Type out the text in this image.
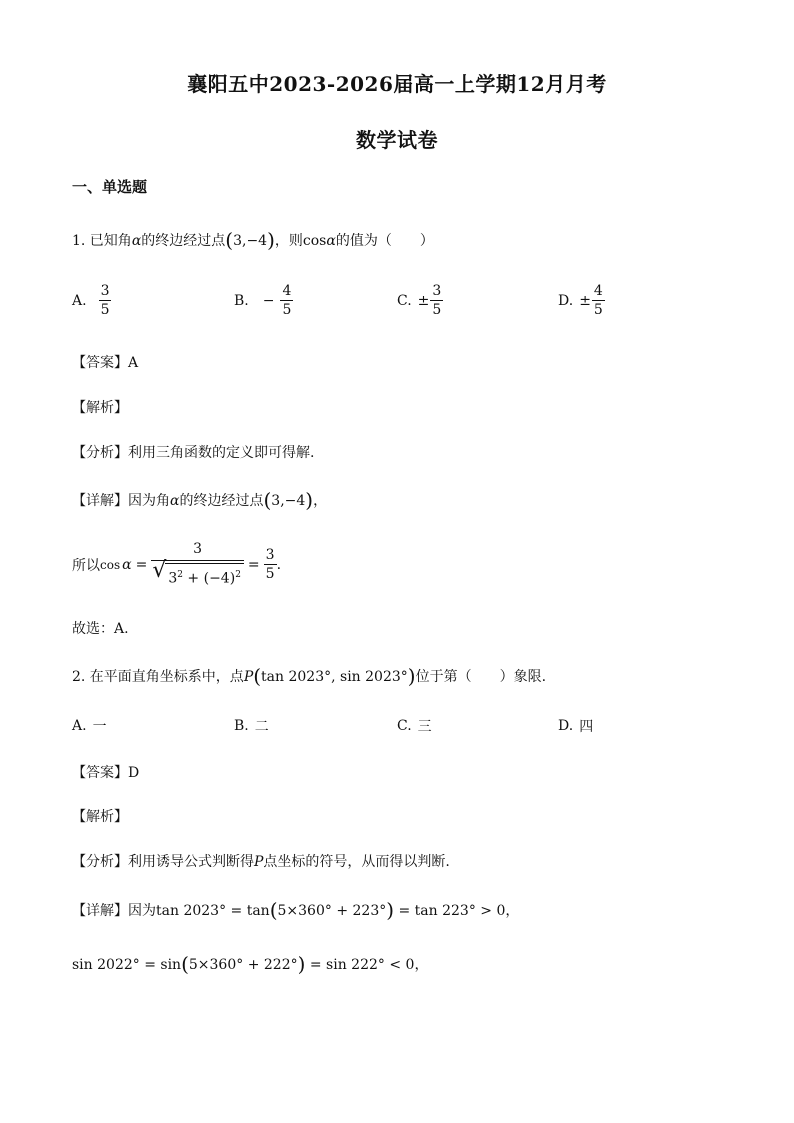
襄阳五中2023-2026届高一上学期12月月考
数学试卷
一、单选题
1. 已知角α的终边经过点(3,−4)，则cosα的值为（　　）
A. $\frac{3}{5}$	B. − $\frac{4}{5}$	C. ± $\frac{3}{5}$	D. ± $\frac{4}{5}$
【答案】A
【解析】
【分析】利用三角函数的定义即可得解.
【详解】因为角α的终边经过点(3,−4)，
所以 cos α = 3
√ $3^2 + (-4)^2 = \frac{3}{5}$ .
故选：A.
2. 在平面直角坐标系中，点P(tan 2023°, sin 2023°)位于第（　　）象限.
A. 一	B. 二	C. 三	D. 四
【答案】D
【解析】
【分析】利用诱导公式判断得P点坐标的符号，从而得以判断.
【详解】因为tan 2023° = tan(5×360° + 223°) = tan 223° > 0，
sin 2022° = sin(5×360° + 222°) = sin 222° < 0，
